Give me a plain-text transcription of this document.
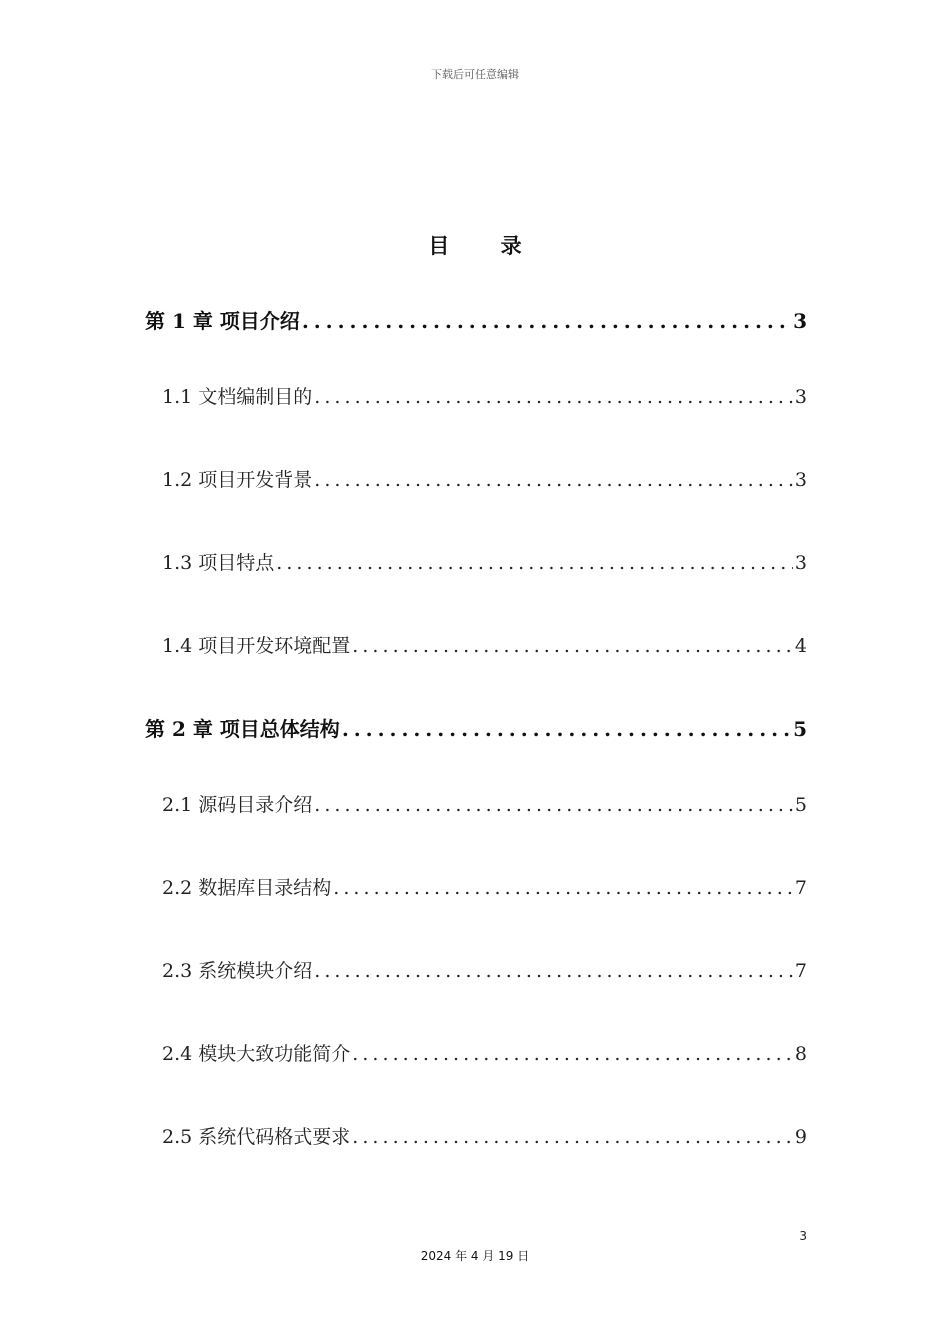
下载后可任意编辑
目 录
第 1 章 项目介绍 . . .	3
1.1 文档编制目的 . . .	3
1.2 项目开发背景 . . .	3
1.3 项目特点 . . .	3
1.4 项目开发环境配置 . . .	4
第 2 章 项目总体结构 . . .	5
2.1 源码目录介绍 . . .	5
2.2 数据库目录结构 . . .	7
2.3 系统模块介绍 . . .	7
2.4 模块大致功能简介 . . .	8
2.5 系统代码格式要求 . . .	9
3
2024 年 4 月 19 日
